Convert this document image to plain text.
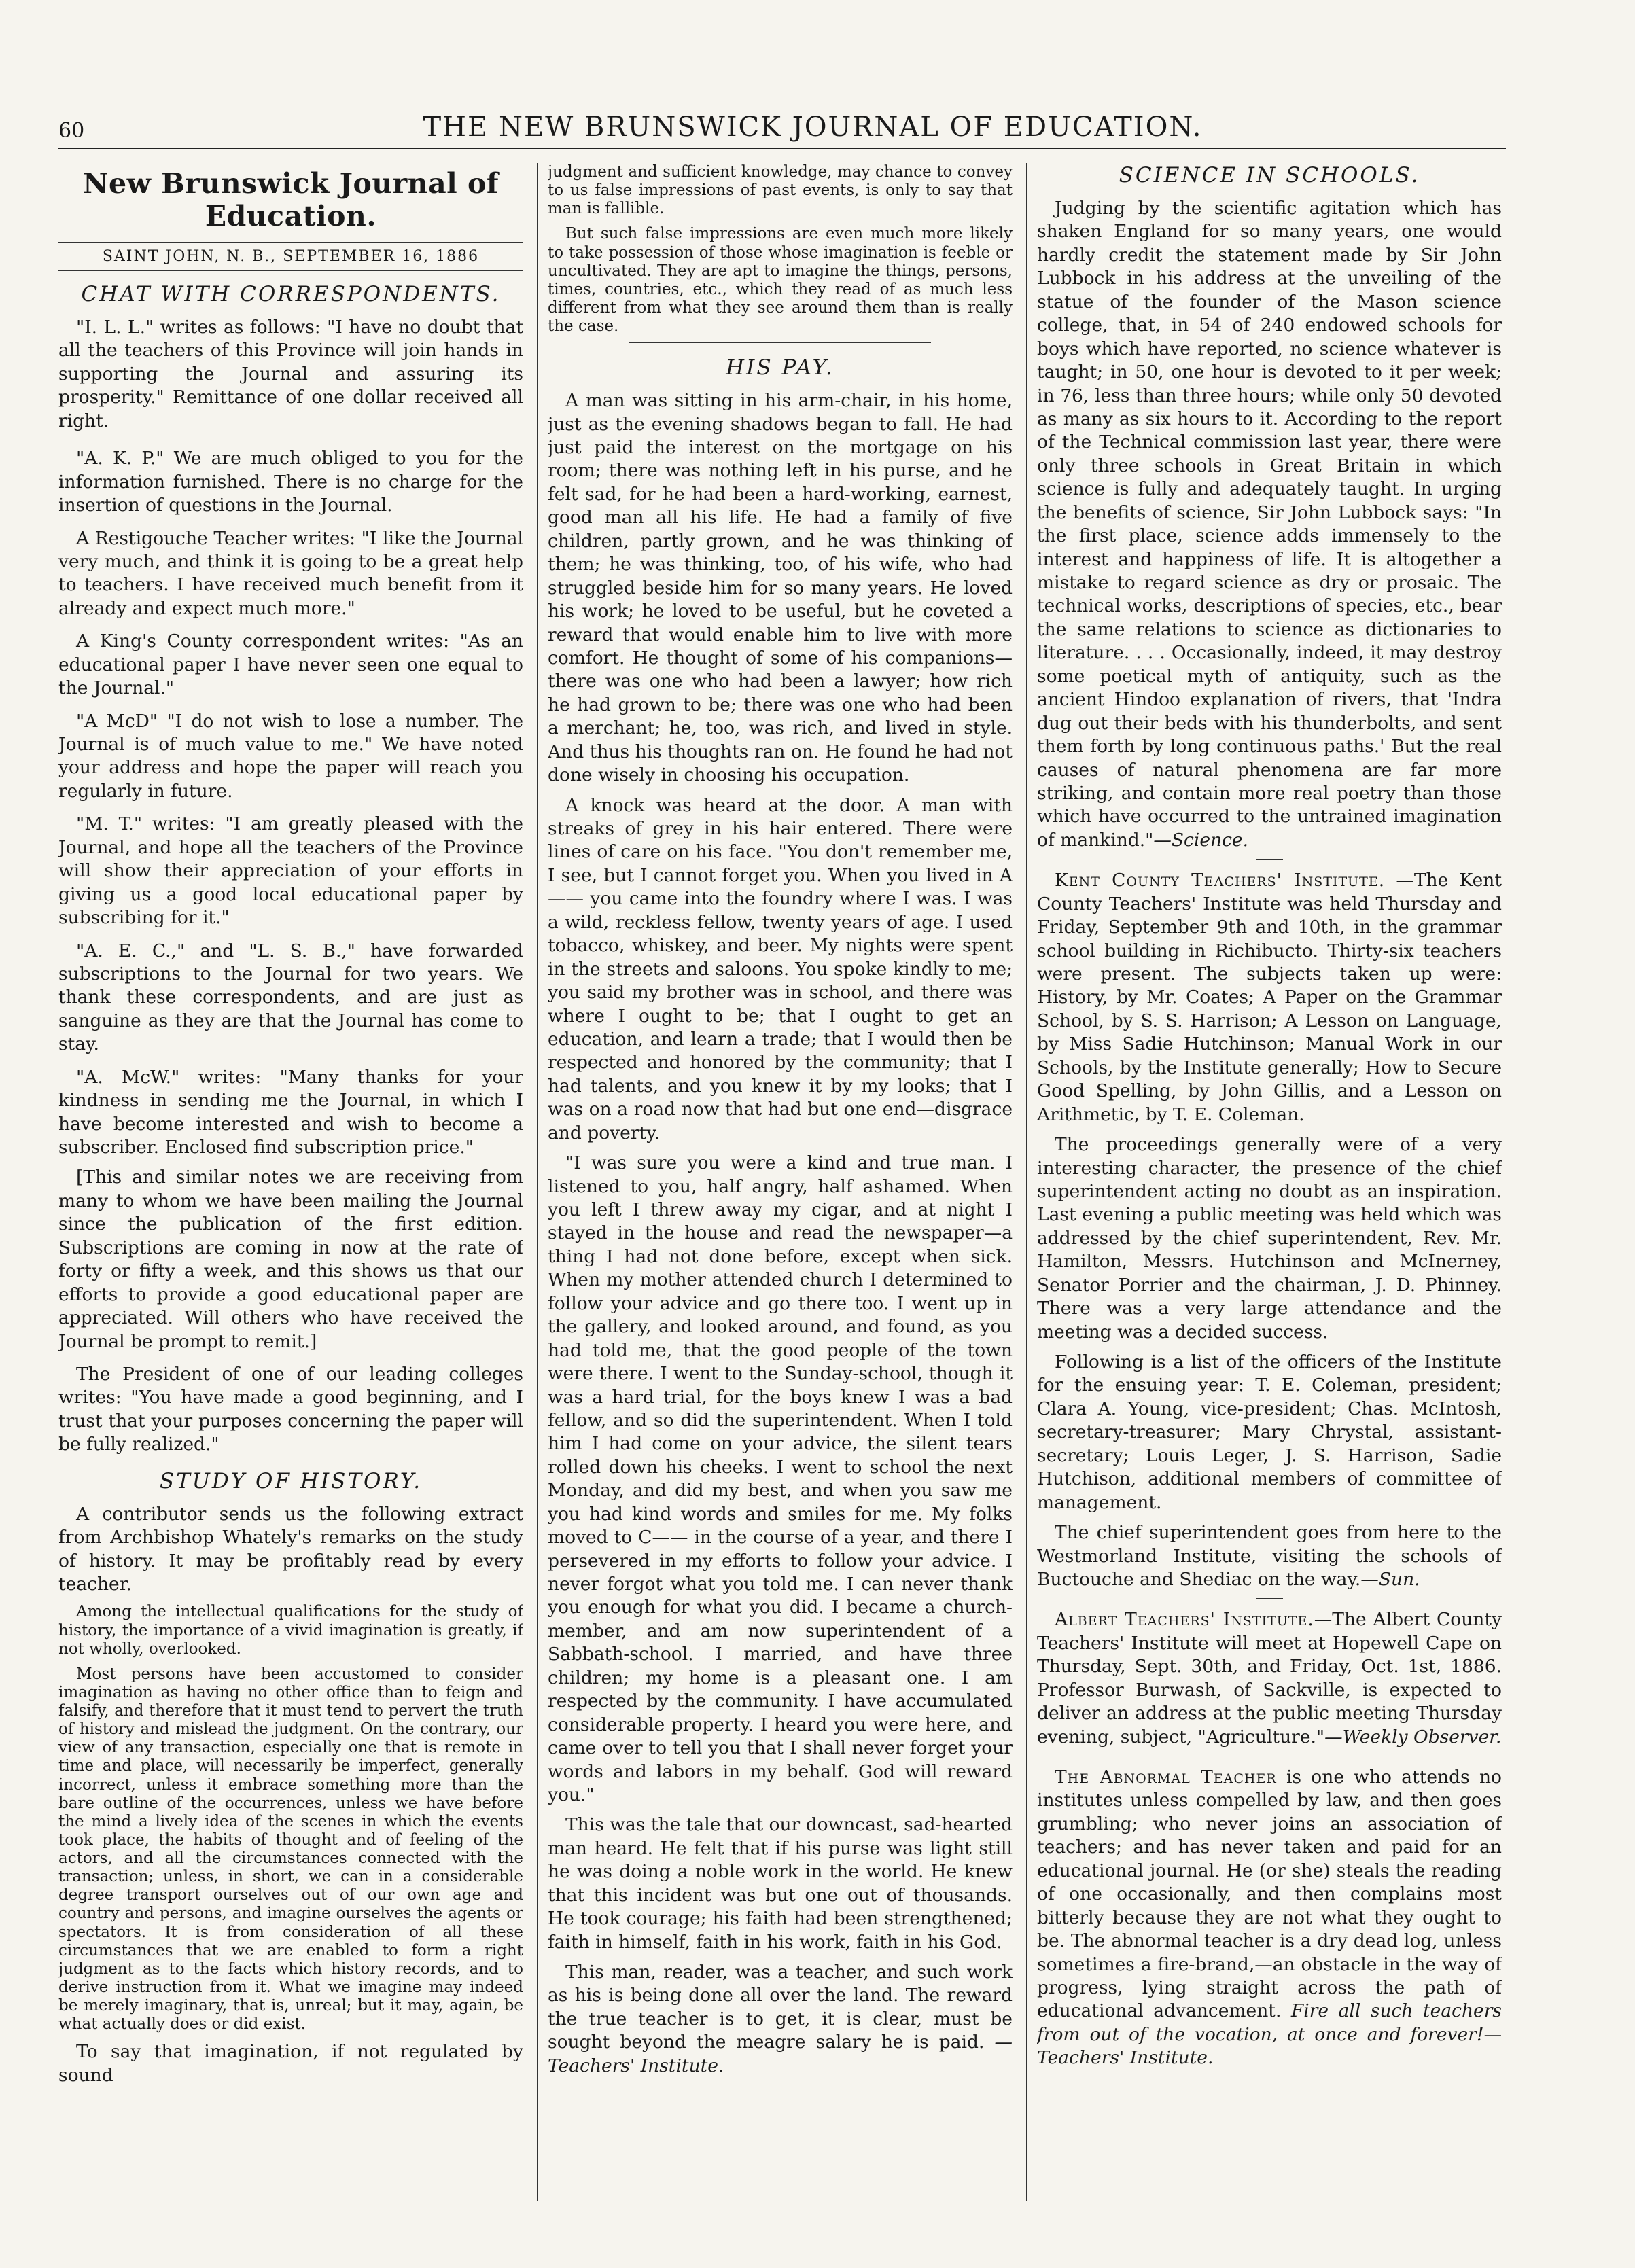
60	THE NEW BRUNSWICK JOURNAL OF EDUCATION.
New Brunswick Journal of Education.
SAINT JOHN, N. B., SEPTEMBER 16, 1886
CHAT WITH CORRESPONDENTS.

"I. L. L." writes as follows: "I have no doubt that all the teachers of this Province will join hands in supporting the Journal and assuring its prosperity." Remittance of one dollar received all right.

"A. K. P." We are much obliged to you for the information furnished. There is no charge for the insertion of questions in the Journal.

A Restigouche Teacher writes: "I like the Journal very much, and think it is going to be a great help to teachers. I have received much benefit from it already and expect much more."

A King's County correspondent writes: "As an educational paper I have never seen one equal to the Journal."

"A McD" "I do not wish to lose a number. The Journal is of much value to me." We have noted your address and hope the paper will reach you regularly in future.

"M. T." writes: "I am greatly pleased with the Journal, and hope all the teachers of the Province will show their appreciation of your efforts in giving us a good local educational paper by subscribing for it."

"A. E. C.," and "L. S. B.," have forwarded subscriptions to the Journal for two years. We thank these correspondents, and are just as sanguine as they are that the Journal has come to stay.

"A. McW." writes: "Many thanks for your kindness in sending me the Journal, in which I have become interested and wish to become a subscriber. Enclosed find subscription price."

[This and similar notes we are receiving from many to whom we have been mailing the Journal since the publication of the first edition. Subscriptions are coming in now at the rate of forty or fifty a week, and this shows us that our efforts to provide a good educational paper are appreciated. Will others who have received the Journal be prompt to remit.]

The President of one of our leading colleges writes: "You have made a good beginning, and I trust that your purposes concerning the paper will be fully realized."

STUDY OF HISTORY.

A contributor sends us the following extract from Archbishop Whately's remarks on the study of history. It may be profitably read by every teacher.

Among the intellectual qualifications for the study of history, the importance of a vivid imagination is greatly, if not wholly, overlooked.

Most persons have been accustomed to consider imagination as having no other office than to feign and falsify, and therefore that it must tend to pervert the truth of history and mislead the judgment. On the contrary, our view of any transaction, especially one that is remote in time and place, will necessarily be imperfect, generally incorrect, unless it embrace something more than the bare outline of the occurrences, unless we have before the mind a lively idea of the scenes in which the events took place, the habits of thought and of feeling of the actors, and all the circumstances connected with the transaction; unless, in short, we can in a considerable degree transport ourselves out of our own age and country and persons, and imagine ourselves the agents or spectators. It is from consideration of all these circumstances that we are enabled to form a right judgment as to the facts which history records, and to derive instruction from it. What we imagine may indeed be merely imaginary, that is, unreal; but it may, again, be what actually does or did exist.

To say that imagination, if not regulated by sound

judgment and sufficient knowledge, may chance to convey to us false impressions of past events, is only to say that man is fallible.

But such false impressions are even much more likely to take possession of those whose imagination is feeble or uncultivated. They are apt to imagine the things, persons, times, countries, etc., which they read of as much less different from what they see around them than is really the case.

HIS PAY.

A man was sitting in his arm-chair, in his home, just as the evening shadows began to fall. He had just paid the interest on the mortgage on his room; there was nothing left in his purse, and he felt sad, for he had been a hard-working, earnest, good man all his life. He had a family of five children, partly grown, and he was thinking of them; he was thinking, too, of his wife, who had struggled beside him for so many years. He loved his work; he loved to be useful, but he coveted a reward that would enable him to live with more comfort. He thought of some of his companions—there was one who had been a lawyer; how rich he had grown to be; there was one who had been a merchant; he, too, was rich, and lived in style. And thus his thoughts ran on. He found he had not done wisely in choosing his occupation.

A knock was heard at the door. A man with streaks of grey in his hair entered. There were lines of care on his face. "You don't remember me, I see, but I cannot forget you. When you lived in A—— you came into the foundry where I was. I was a wild, reckless fellow, twenty years of age. I used tobacco, whiskey, and beer. My nights were spent in the streets and saloons. You spoke kindly to me; you said my brother was in school, and there was where I ought to be; that I ought to get an education, and learn a trade; that I would then be respected and honored by the community; that I had talents, and you knew it by my looks; that I was on a road now that had but one end—disgrace and poverty.

"I was sure you were a kind and true man. I listened to you, half angry, half ashamed. When you left I threw away my cigar, and at night I stayed in the house and read the newspaper—a thing I had not done before, except when sick. When my mother attended church I determined to follow your advice and go there too. I went up in the gallery, and looked around, and found, as you had told me, that the good people of the town were there. I went to the Sunday-school, though it was a hard trial, for the boys knew I was a bad fellow, and so did the superintendent. When I told him I had come on your advice, the silent tears rolled down his cheeks. I went to school the next Monday, and did my best, and when you saw me you had kind words and smiles for me. My folks moved to C—— in the course of a year, and there I persevered in my efforts to follow your advice. I never forgot what you told me. I can never thank you enough for what you did. I became a church-member, and am now superintendent of a Sabbath-school. I married, and have three children; my home is a pleasant one. I am respected by the community. I have accumulated considerable property. I heard you were here, and came over to tell you that I shall never forget your words and labors in my behalf. God will reward you."

This was the tale that our downcast, sad-hearted man heard. He felt that if his purse was light still he was doing a noble work in the world. He knew that this incident was but one out of thousands. He took courage; his faith had been strengthened; faith in himself, faith in his work, faith in his God.

This man, reader, was a teacher, and such work as his is being done all over the land. The reward the true teacher is to get, it is clear, must be sought beyond the meagre salary he is paid. —Teachers' Institute.

SCIENCE IN SCHOOLS.

Judging by the scientific agitation which has shaken England for so many years, one would hardly credit the statement made by Sir John Lubbock in his address at the unveiling of the statue of the founder of the Mason science college, that, in 54 of 240 endowed schools for boys which have reported, no science whatever is taught; in 50, one hour is devoted to it per week; in 76, less than three hours; while only 50 devoted as many as six hours to it. According to the report of the Technical commission last year, there were only three schools in Great Britain in which science is fully and adequately taught. In urging the benefits of science, Sir John Lubbock says: "In the first place, science adds immensely to the interest and happiness of life. It is altogether a mistake to regard science as dry or prosaic. The technical works, descriptions of species, etc., bear the same relations to science as dictionaries to literature. . . . Occasionally, indeed, it may destroy some poetical myth of antiquity, such as the ancient Hindoo explanation of rivers, that 'Indra dug out their beds with his thunderbolts, and sent them forth by long continuous paths.' But the real causes of natural phenomena are far more striking, and contain more real poetry than those which have occurred to the untrained imagination of mankind."—Science.

Kent County Teachers' Institute. —The Kent County Teachers' Institute was held Thursday and Friday, September 9th and 10th, in the grammar school building in Richibucto. Thirty-six teachers were present. The subjects taken up were: History, by Mr. Coates; A Paper on the Grammar School, by S. S. Harrison; A Lesson on Language, by Miss Sadie Hutchinson; Manual Work in our Schools, by the Institute generally; How to Secure Good Spelling, by John Gillis, and a Lesson on Arithmetic, by T. E. Coleman.

The proceedings generally were of a very interesting character, the presence of the chief superintendent acting no doubt as an inspiration. Last evening a public meeting was held which was addressed by the chief superintendent, Rev. Mr. Hamilton, Messrs. Hutchinson and McInerney, Senator Porrier and the chairman, J. D. Phinney. There was a very large attendance and the meeting was a decided success.

Following is a list of the officers of the Institute for the ensuing year: T. E. Coleman, president; Clara A. Young, vice-president; Chas. McIntosh, secretary-treasurer; Mary Chrystal, assistant-secretary; Louis Leger, J. S. Harrison, Sadie Hutchison, additional members of committee of management.

The chief superintendent goes from here to the Westmorland Institute, visiting the schools of Buctouche and Shediac on the way.—Sun.

Albert Teachers' Institute.—The Albert County Teachers' Institute will meet at Hopewell Cape on Thursday, Sept. 30th, and Friday, Oct. 1st, 1886. Professor Burwash, of Sackville, is expected to deliver an address at the public meeting Thursday evening, subject, "Agriculture."—Weekly Observer.

The Abnormal Teacher is one who attends no institutes unless compelled by law, and then goes grumbling; who never joins an association of teachers; and has never taken and paid for an educational journal. He (or she) steals the reading of one occasionally, and then complains most bitterly because they are not what they ought to be. The abnormal teacher is a dry dead log, unless sometimes a fire-brand,—an obstacle in the way of progress, lying straight across the path of educational advancement. Fire all such teachers from out of the vocation, at once and forever!—Teachers' Institute.
